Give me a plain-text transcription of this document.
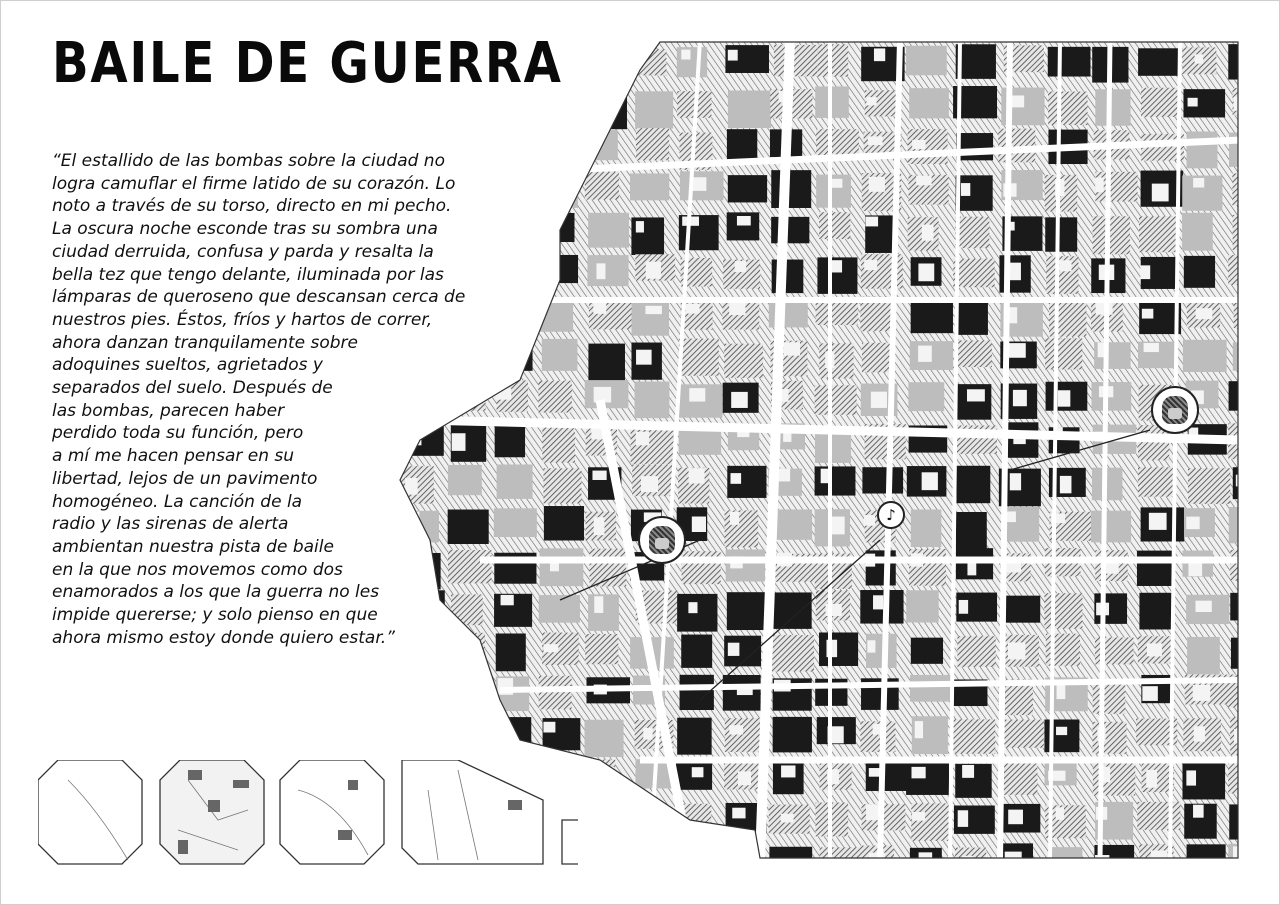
BAILE DE GUERRA
“El estallido de las bombas sobre la ciudad no
logra camuflar el firme latido de su corazón. Lo
noto a través de su torso, directo en mi pecho.
La oscura noche esconde tras su sombra una
ciudad derruida, confusa y parda y resalta la
bella tez que tengo delante, iluminada por las
lámparas de queroseno que descansan cerca de
nuestros pies. Éstos, fríos y hartos de correr,
ahora danzan tranquilamente sobre
adoquines sueltos, agrietados y
separados del suelo. Después de
las bombas, parecen haber
perdido toda su función, pero
a mí me hacen pensar en su
libertad, lejos de un pavimento
homogéneo. La canción de la
radio y las sirenas de alerta
ambientan nuestra pista de baile
en la que nos movemos como dos
enamorados a los que la guerra no les
impide quererse; y solo pienso en que
ahora mismo estoy donde quiero estar.”
♪
